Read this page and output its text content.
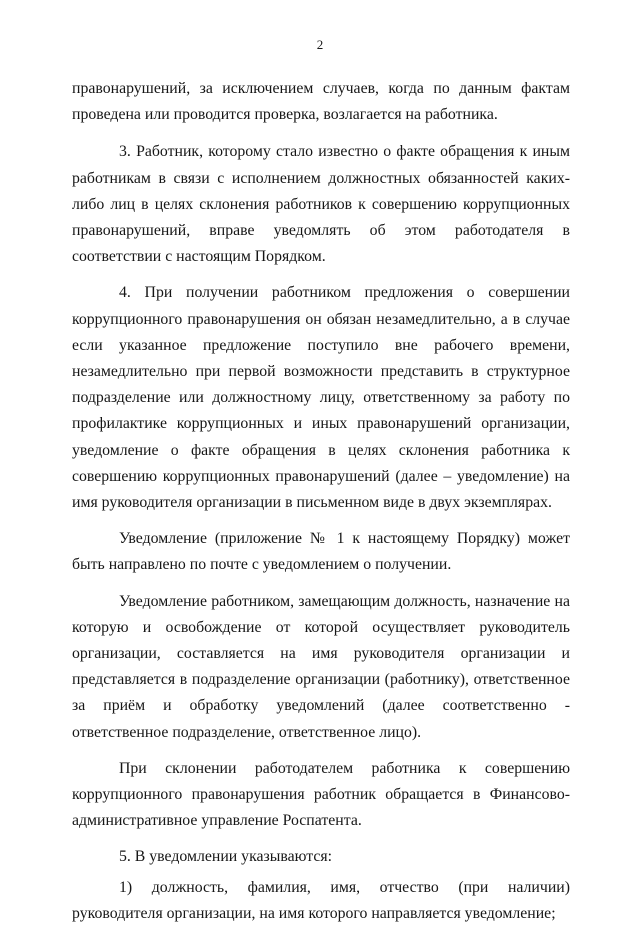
2

правонарушений, за исключением случаев, когда по данным фактам проведена или проводится проверка, возлагается на работника.

3. Работник, которому стало известно о факте обращения к иным работникам в связи с исполнением должностных обязанностей каких-либо лиц в целях склонения работников к совершению коррупционных правонарушений, вправе уведомлять об этом работодателя в соответствии с настоящим Порядком.

4. При получении работником предложения о совершении коррупционного правонарушения он обязан незамедлительно, а в случае если указанное предложение поступило вне рабочего времени, незамедлительно при первой возможности представить в структурное подразделение или должностному лицу, ответственному за работу по профилактике коррупционных и иных правонарушений организации, уведомление о факте обращения в целях склонения работника к совершению коррупционных правонарушений (далее – уведомление) на имя руководителя организации в письменном виде в двух экземплярах.

Уведомление (приложение № 1 к настоящему Порядку) может быть направлено по почте с уведомлением о получении.

Уведомление работником, замещающим должность, назначение на которую и освобождение от которой осуществляет руководитель организации, составляется на имя руководителя организации и представляется в подразделение организации (работнику), ответственное за приём и обработку уведомлений (далее соответственно - ответственное подразделение, ответственное лицо).

При склонении работодателем работника к совершению коррупционного правонарушения работник обращается в Финансово-административное управление Роспатента.

5. В уведомлении указываются:

1) должность, фамилия, имя, отчество (при наличии) руководителя организации, на имя которого направляется уведомление;
